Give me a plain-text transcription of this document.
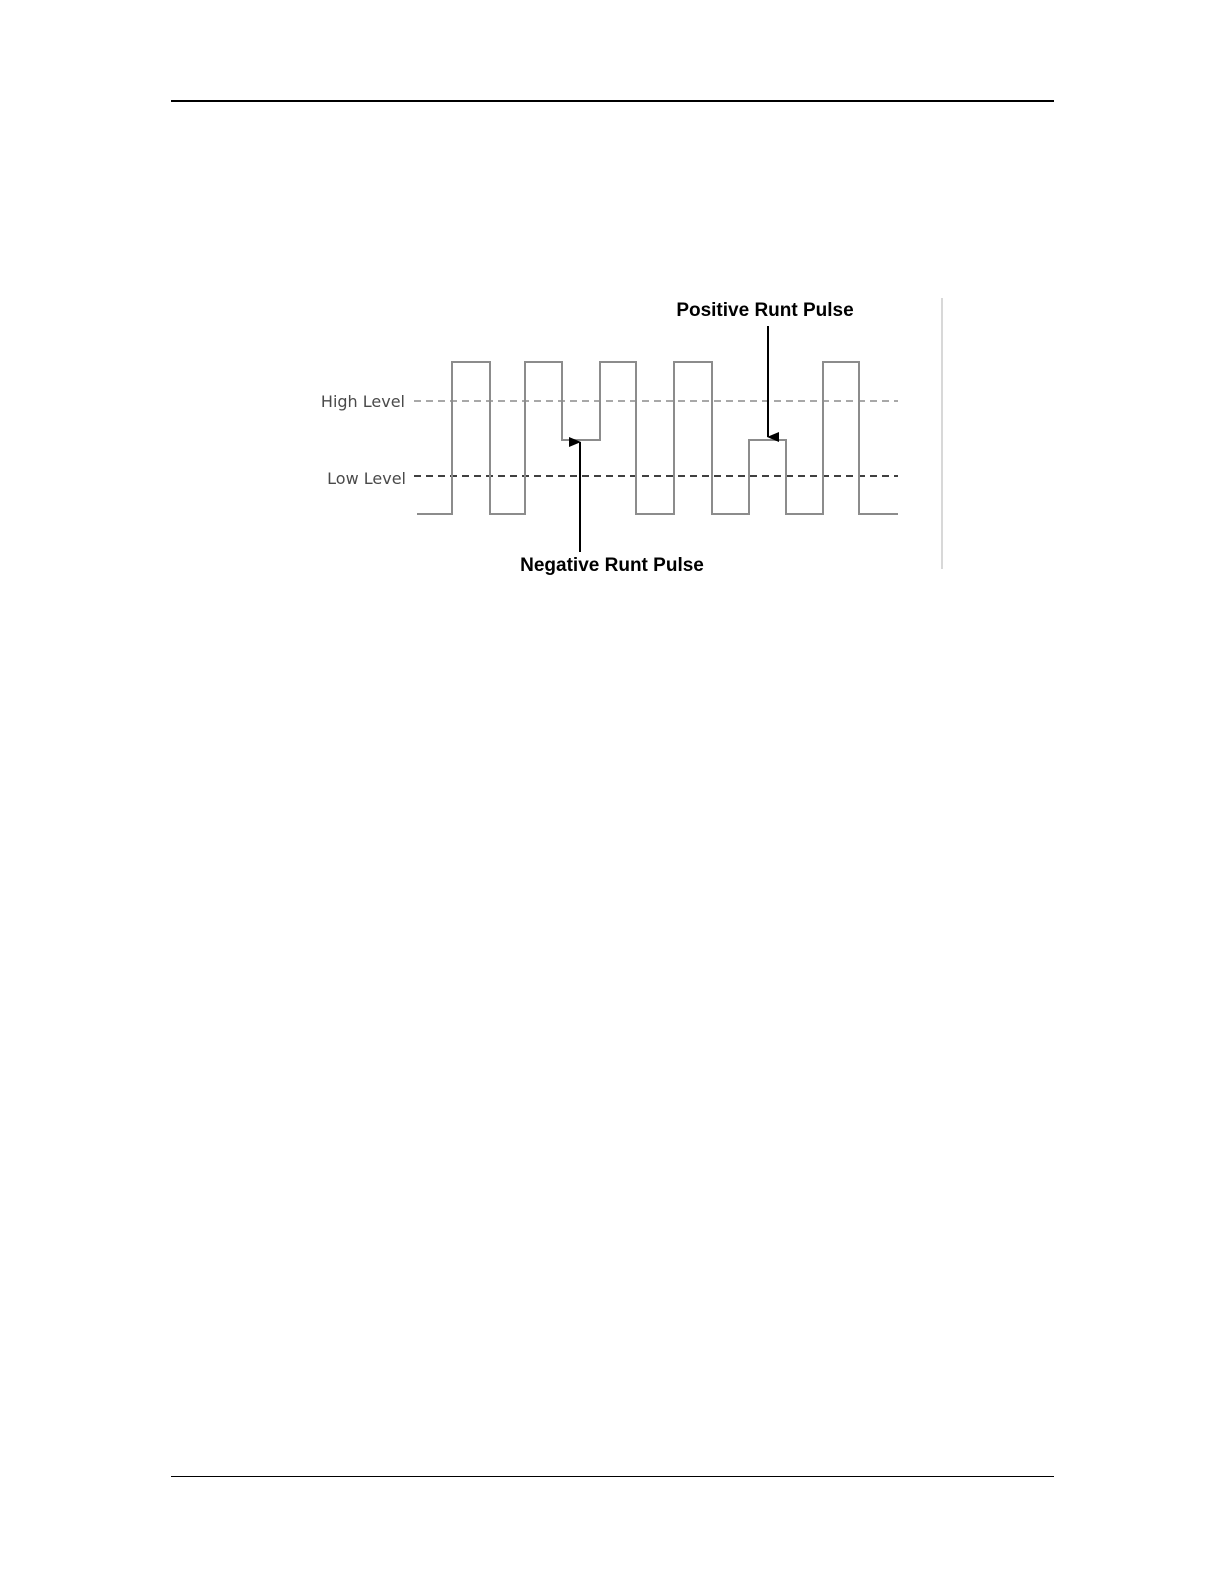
High Level
Low Level
Positive Runt Pulse
Negative Runt Pulse
